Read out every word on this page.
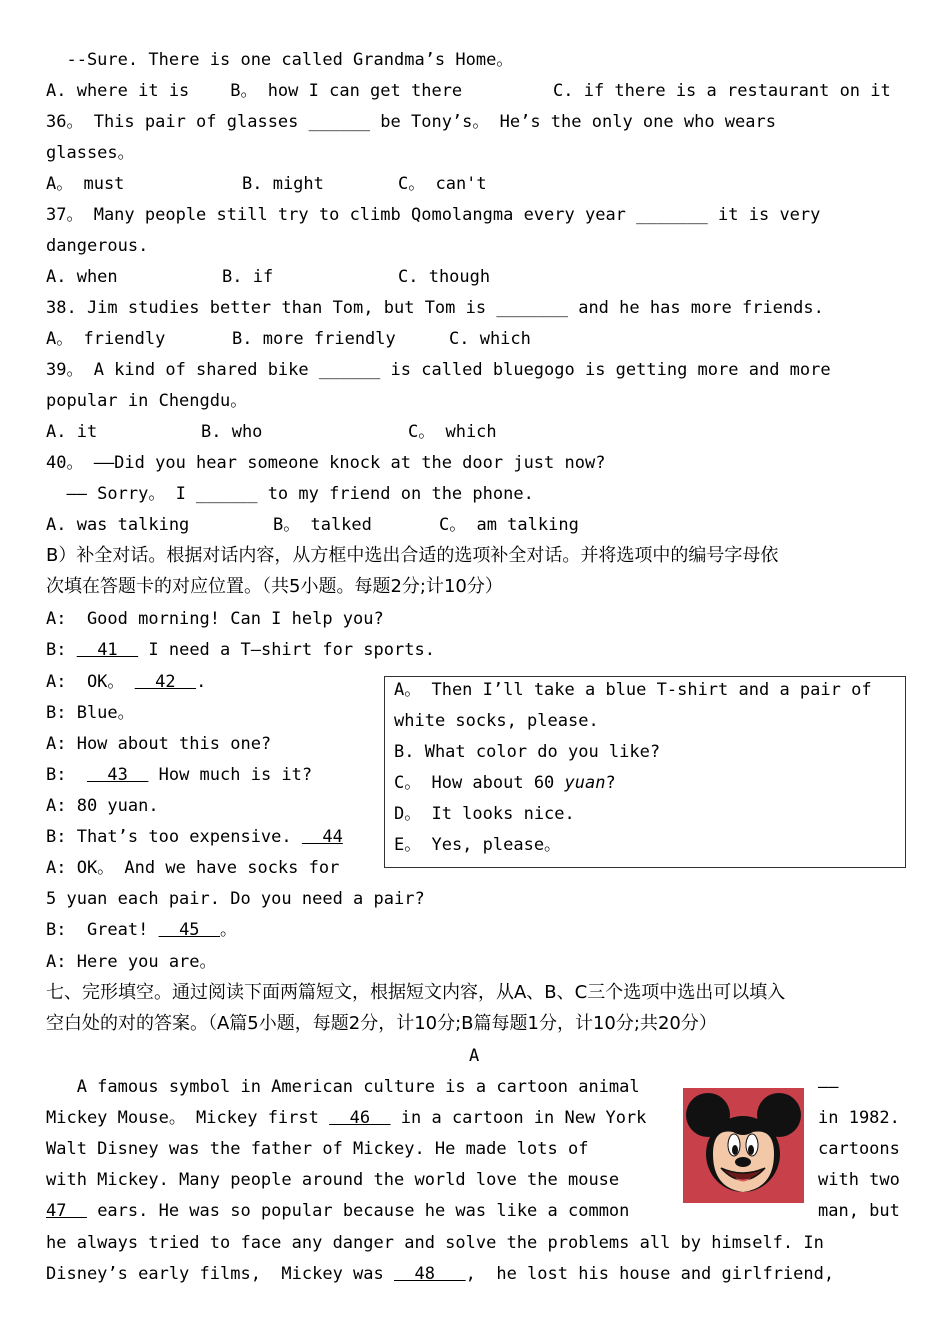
--Sure. There is one called Grandma’s Home。
A. where it is    B。 how I can get there	C. if there is a restaurant on it
36。 This pair of glasses ______ be Tony’s。 He’s the only one who wears
glasses。
A。 must	B. might	C。 can't
37。 Many people still try to climb Qomolangma every year _______ it is very
dangerous.
A. when	B. if	C. though
38. Jim studies better than Tom, but Tom is _______ and he has more friends.
A。 friendly	B. more friendly	C. which
39。 A kind of shared bike ______ is called bluegogo is getting more and more
popular in Chengdu。
A. it	B. who	C。 which
40。 ——Did you hear someone knock at the door just now?
—— Sorry。 I ______ to my friend on the phone.
A. was talking	B。 talked	C。 am talking
B）补全对话。根据对话内容，从方框中选出合适的选项补全对话。并将选项中的编号字母依
次填在答题卡的对应位置。（共5小题。每题2分;计10分）
A:  Good morning! Can I help you?
B:   41   I need a T—shirt for sports.
A:  OK。   42  .
B: Blue。
A: How about this one?
B:    43   How much is it?
A: 80 yuan.
B: That’s too expensive.   44
A: OK。 And we have socks for
5 yuan each pair. Do you need a pair?
B:  Great!   45  。
A: Here you are。
A。 Then I’ll take a blue T-shirt and a pair of
white socks, please.
B. What color do you like?
C。 How about 60 yuan?
D。 It looks nice.
E。 Yes, please。
七、完形填空。通过阅读下面两篇短文，根据短文内容，从A、B、C三个选项中选出可以填入
空白处的对的答案。（A篇5小题，每题2分，计10分;B篇每题1分，计10分;共20分）
A
A famous symbol in American culture is a cartoon animal	——
Mickey Mouse。 Mickey first   46   in a cartoon in New York	in 1982.
Walt Disney was the father of Mickey. He made lots of	cartoons
with Mickey. Many people around the world love the mouse	with two
47   ears. He was so popular because he was like a common	man, but
he always tried to face any danger and solve the problems all by himself. In
Disney’s early films,  Mickey was   48   ,  he lost his house and girlfriend,
